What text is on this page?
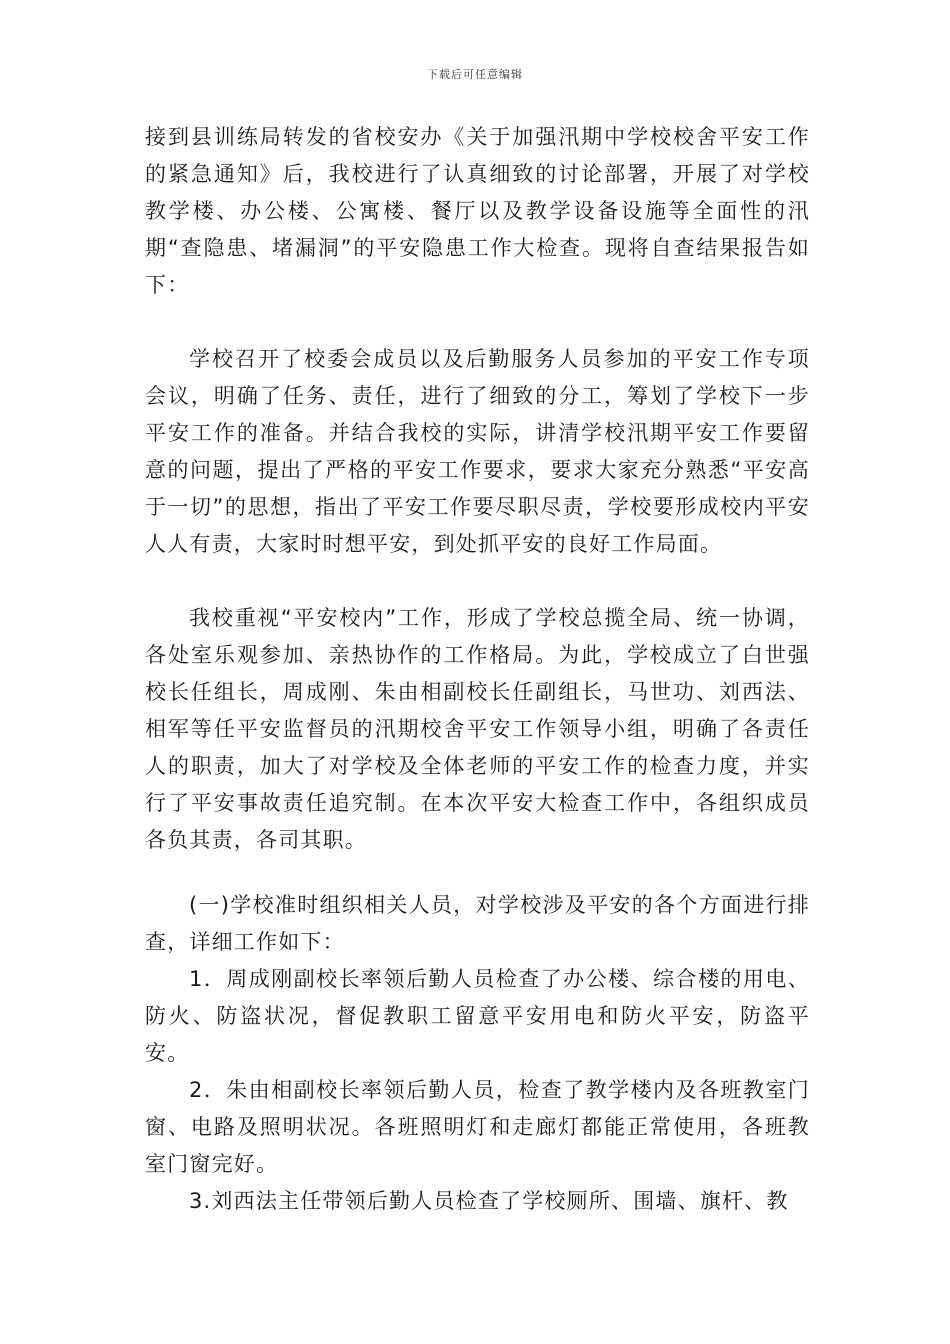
下载后可任意编辑

接到县训练局转发的省校安办《关于加强汛期中学校校舍平安工作的紧急通知》后，我校进行了认真细致的讨论部署，开展了对学校教学楼、办公楼、公寓楼、餐厅以及教学设备设施等全面性的汛期“查隐患、堵漏洞”的平安隐患工作大检查。现将自查结果报告如下：

学校召开了校委会成员以及后勤服务人员参加的平安工作专项会议，明确了任务、责任，进行了细致的分工，筹划了学校下一步平安工作的准备。并结合我校的实际，讲清学校汛期平安工作要留意的问题，提出了严格的平安工作要求，要求大家充分熟悉“平安高于一切”的思想，指出了平安工作要尽职尽责，学校要形成校内平安人人有责，大家时时想平安，到处抓平安的良好工作局面。

我校重视“平安校内”工作，形成了学校总揽全局、统一协调，各处室乐观参加、亲热协作的工作格局。为此，学校成立了白世强校长任组长，周成刚、朱由相副校长任副组长，马世功、刘西法、相军等任平安监督员的汛期校舍平安工作领导小组，明确了各责任人的职责，加大了对学校及全体老师的平安工作的检查力度，并实行了平安事故责任追究制。在本次平安大检查工作中，各组织成员各负其责，各司其职。

(一)学校准时组织相关人员，对学校涉及平安的各个方面进行排查，详细工作如下：

1．周成刚副校长率领后勤人员检查了办公楼、综合楼的用电、防火、防盗状况，督促教职工留意平安用电和防火平安，防盗平安。

2．朱由相副校长率领后勤人员，检查了教学楼内及各班教室门窗、电路及照明状况。各班照明灯和走廊灯都能正常使用，各班教室门窗完好。

3.刘西法主任带领后勤人员检查了学校厕所、围墙、旗杆、教
